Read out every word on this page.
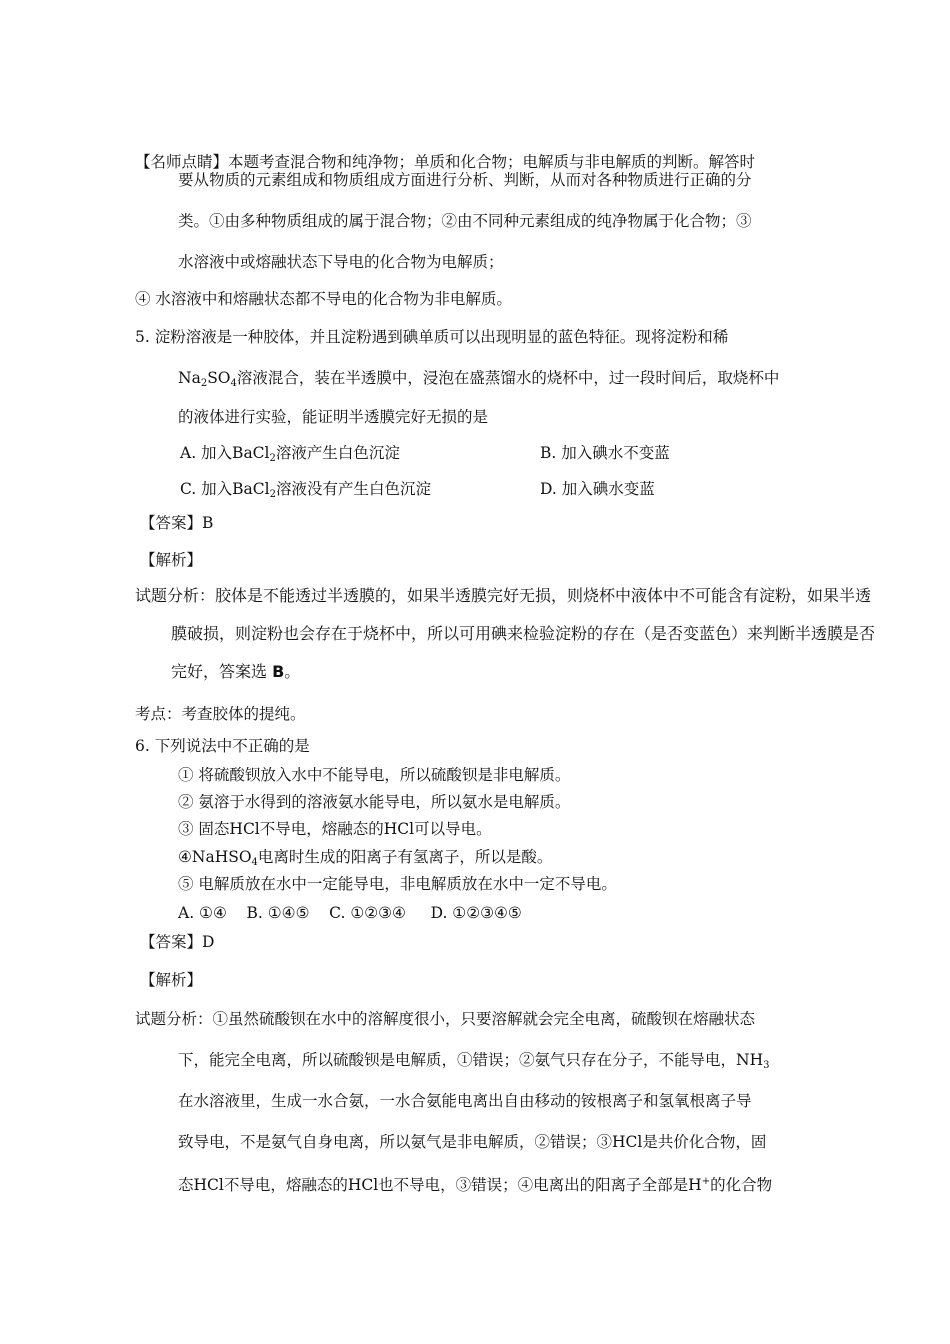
【名师点睛】本题考查混合物和纯净物；单质和化合物；电解质与非电解质的判断。解答时
要从物质的元素组成和物质组成方面进行分析、判断，从而对各种物质进行正确的分
类。①由多种物质组成的属于混合物；②由不同种元素组成的纯净物属于化合物；③
水溶液中或熔融状态下导电的化合物为电解质；
④ 水溶液中和熔融状态都不导电的化合物为非电解质。
5. 淀粉溶液是一种胶体，并且淀粉遇到碘单质可以出现明显的蓝色特征。现将淀粉和稀
$Na_2SO_4$溶液混合，装在半透膜中，浸泡在盛蒸馏水的烧杯中，过一段时间后，取烧杯中
的液体进行实验，能证明半透膜完好无损的是
A. 加入BaCl$_2$溶液产生白色沉淀	B. 加入碘水不变蓝
C. 加入BaCl$_2$溶液没有产生白色沉淀	D. 加入碘水变蓝
【答案】B
【解析】
试题分析：胶体是不能透过半透膜的，如果半透膜完好无损，则烧杯中液体中不可能含有淀粉，如果半透
膜破损，则淀粉也会存在于烧杯中，所以可用碘来检验淀粉的存在（是否变蓝色）来判断半透膜是否
完好，答案选 B。
考点：考查胶体的提纯。
6. 下列说法中不正确的是
① 将硫酸钡放入水中不能导电，所以硫酸钡是非电解质。
② 氨溶于水得到的溶液氨水能导电，所以氨水是电解质。
③ 固态HCl不导电，熔融态的HCl可以导电。
④NaHSO$_4$电离时生成的阳离子有氢离子，所以是酸。
⑤ 电解质放在水中一定能导电，非电解质放在水中一定不导电。
A. ①④    B. ①④⑤    C. ①②③④     D. ①②③④⑤
【答案】D
【解析】
试题分析：①虽然硫酸钡在水中的溶解度很小，只要溶解就会完全电离，硫酸钡在熔融状态
下，能完全电离，所以硫酸钡是电解质，①错误；②氨气只存在分子，不能导电，$NH_3$
在水溶液里，生成一水合氨，一水合氨能电离出自由移动的铵根离子和氢氧根离子导
致导电，不是氨气自身电离，所以氨气是非电解质，②错误；③HCl是共价化合物，固
态HCl不导电，熔融态的HCl也不导电，③错误；④电离出的阳离子全部是H+的化合物
